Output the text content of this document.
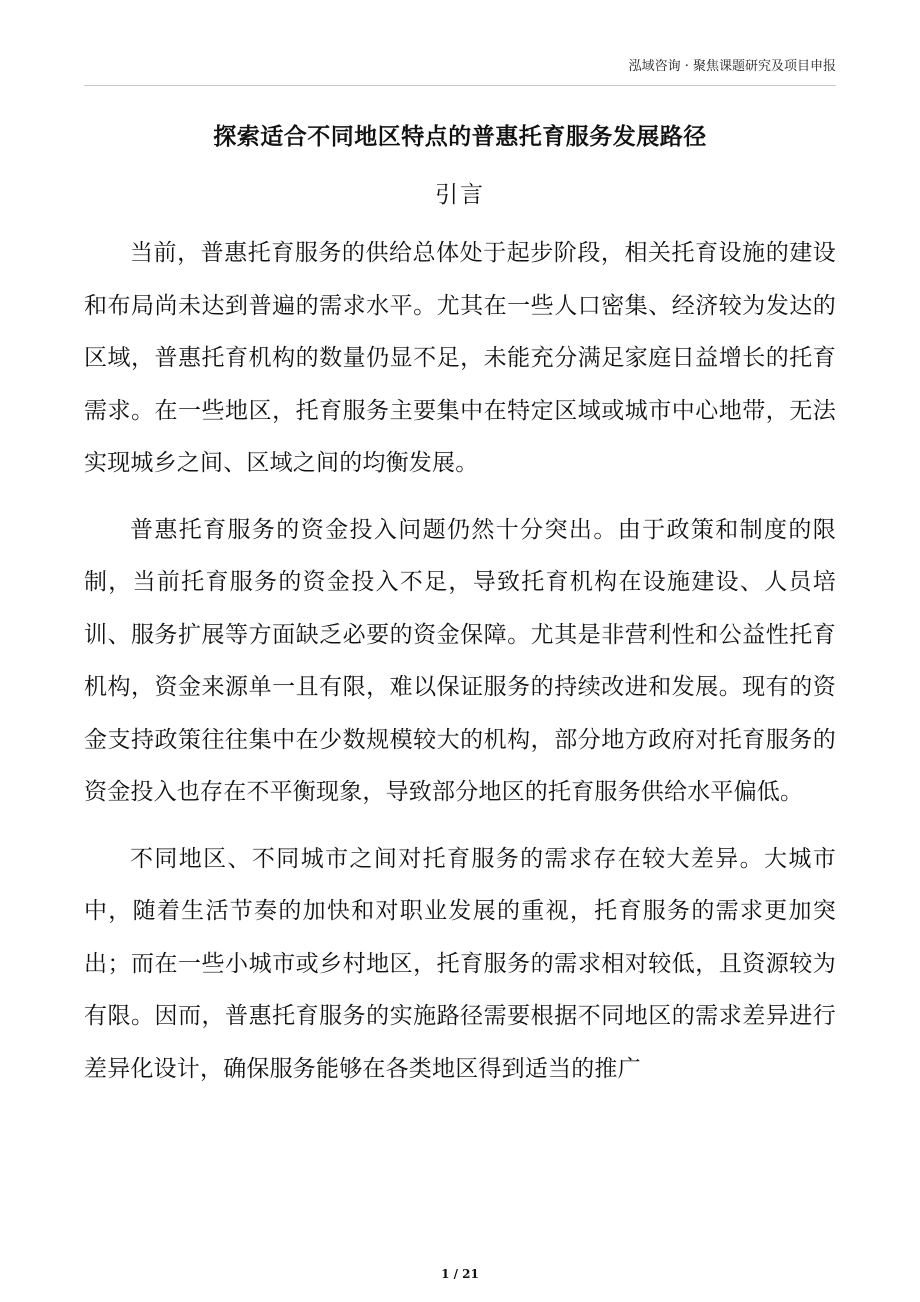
泓域咨询 · 聚焦课题研究及项目申报
探索适合不同地区特点的普惠托育服务发展路径
引言

当前，普惠托育服务的供给总体处于起步阶段，相关托育设施的建设和布局尚未达到普遍的需求水平。尤其在一些人口密集、经济较为发达的区域，普惠托育机构的数量仍显不足，未能充分满足家庭日益增长的托育需求。在一些地区，托育服务主要集中在特定区域或城市中心地带，无法实现城乡之间、区域之间的均衡发展。

普惠托育服务的资金投入问题仍然十分突出。由于政策和制度的限制，当前托育服务的资金投入不足，导致托育机构在设施建设、人员培训、服务扩展等方面缺乏必要的资金保障。尤其是非营利性和公益性托育机构，资金来源单一且有限，难以保证服务的持续改进和发展。现有的资金支持政策往往集中在少数规模较大的机构，部分地方政府对托育服务的资金投入也存在不平衡现象，导致部分地区的托育服务供给水平偏低。

不同地区、不同城市之间对托育服务的需求存在较大差异。大城市中，随着生活节奏的加快和对职业发展的重视，托育服务的需求更加突出；而在一些小城市或乡村地区，托育服务的需求相对较低，且资源较为有限。因而，普惠托育服务的实施路径需要根据不同地区的需求差异进行差异化设计，确保服务能够在各类地区得到适当的推广

1 / 21
